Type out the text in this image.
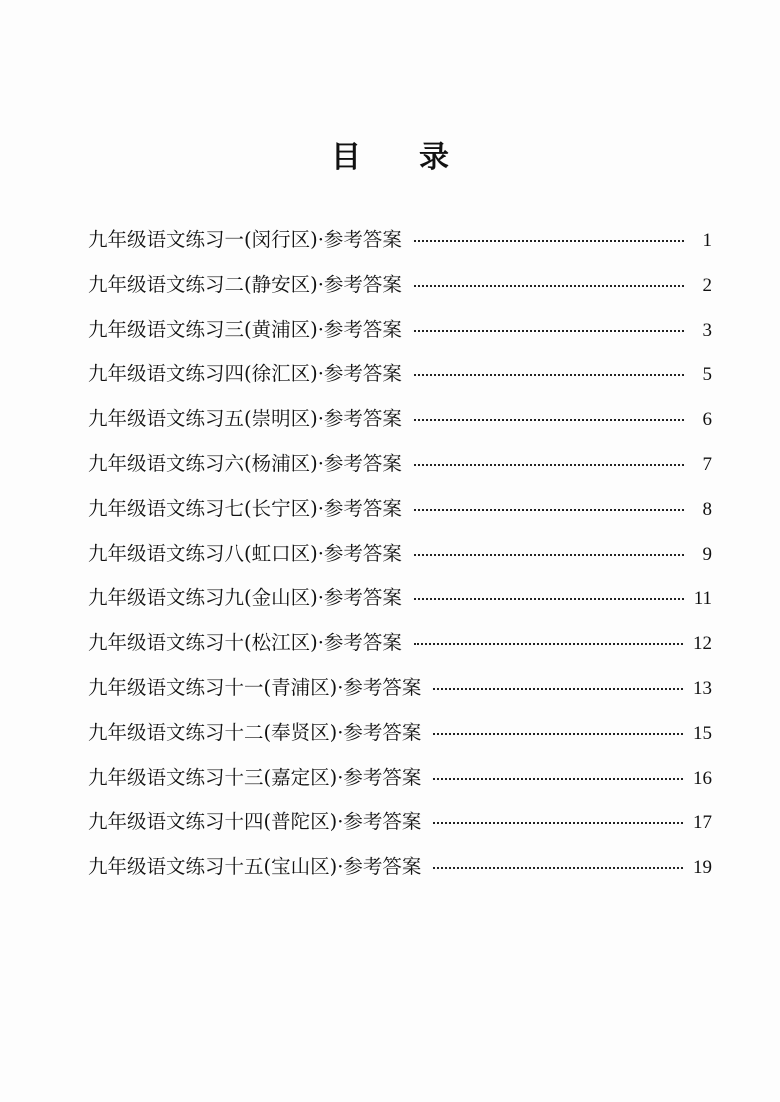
目录
九年级语文练习一(闵行区)·参考答案	1
九年级语文练习二(静安区)·参考答案	2
九年级语文练习三(黄浦区)·参考答案	3
九年级语文练习四(徐汇区)·参考答案	5
九年级语文练习五(崇明区)·参考答案	6
九年级语文练习六(杨浦区)·参考答案	7
九年级语文练习七(长宁区)·参考答案	8
九年级语文练习八(虹口区)·参考答案	9
九年级语文练习九(金山区)·参考答案	11
九年级语文练习十(松江区)·参考答案	12
九年级语文练习十一(青浦区)·参考答案	13
九年级语文练习十二(奉贤区)·参考答案	15
九年级语文练习十三(嘉定区)·参考答案	16
九年级语文练习十四(普陀区)·参考答案	17
九年级语文练习十五(宝山区)·参考答案	19
